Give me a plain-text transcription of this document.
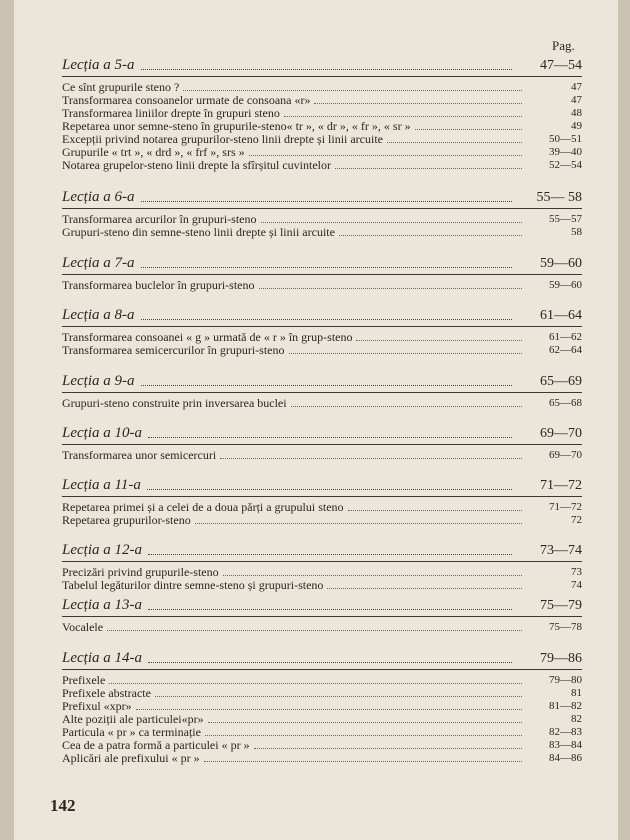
Pag.
Lecția a 5-a	47—54
Ce sînt grupurile steno ?	47
Transformarea consoanelor urmate de consoana «r»	47
Transformarea liniilor drepte în grupuri steno	48
Repetarea unor semne-steno în grupurile-steno« tr », « dr », « fr », « sr »	49
Excepții privind notarea grupurilor-steno linii drepte și linii arcuite	50—51
Grupurile « trt », « drd », « frf », srs »	39—40
Notarea grupelor-steno linii drepte la sfîrșitul cuvintelor	52—54
Lecția a 6-a	55— 58
Transformarea arcurilor în grupuri-steno	55—57
Grupuri-steno din semne-steno linii drepte și linii arcuite	58
Lecția a 7-a	59—60
Transformarea buclelor în grupuri-steno	59—60
Lecția a 8-a	61—64
Transformarea consoanei « g » urmată de « r » în grup-steno	61—62
Transformarea semicercurilor în grupuri-steno	62—64
Lecția a 9-a	65—69
Grupuri-steno construite prin inversarea buclei	65—68
Lecția a 10-a	69—70
Transformarea unor semicercuri	69—70
Lecția a 11-a	71—72
Repetarea primei și a celei de a doua părți a grupului steno	71—72
Repetarea grupurilor-steno	72
Lecția a 12-a	73—74
Precizări privind grupurile-steno	73
Tabelul legăturilor dintre semne-steno și grupuri-steno	74
Lecția a 13-a	75—79
Vocalele	75—78
Lecția a 14-a	79—86
Prefixele	79—80
Prefixele abstracte	81
Prefixul «xpr»	81—82
Alte poziții ale particulei«pr»	82
Particula « pr » ca terminație	82—83
Cea de a patra formă a particulei « pr »	83—84
Aplicări ale prefixului « pr »	84—86
142
